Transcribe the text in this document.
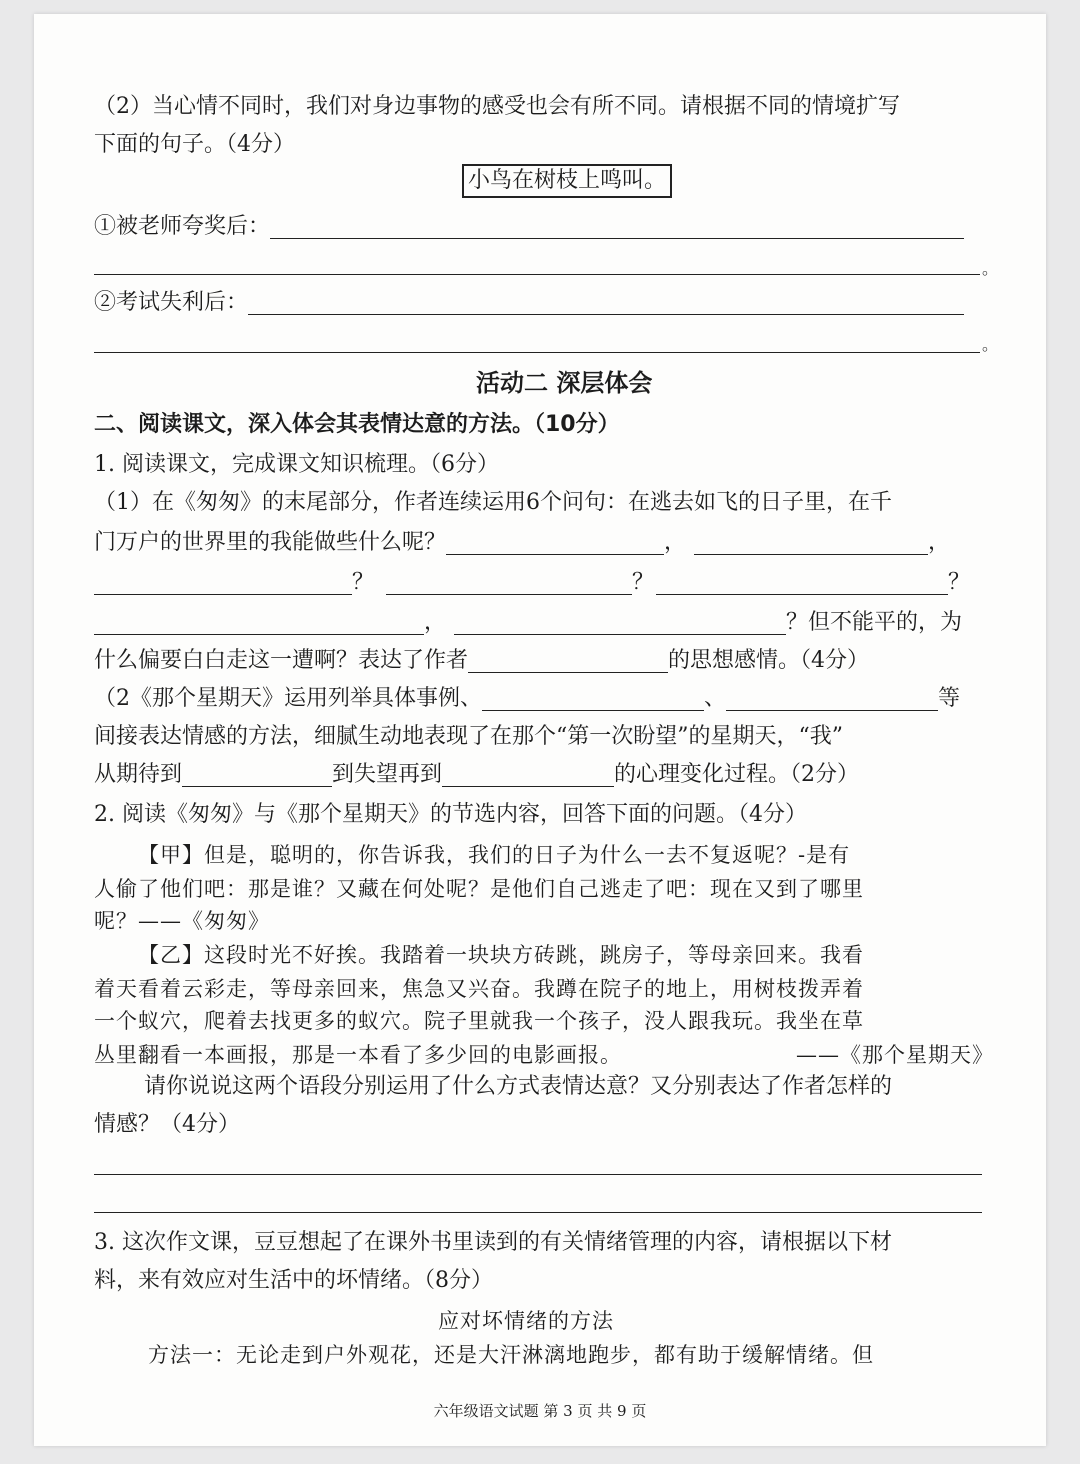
（2）当心情不同时，我们对身边事物的感受也会有所不同。请根据不同的情境扩写
下面的句子。（4分）
小鸟在树枝上鸣叫。
①被老师夸奖后：
。
②考试失利后：
。
活动二 深层体会
二、阅读课文，深入体会其表情达意的方法。（10分）
1. 阅读课文，完成课文知识梳理。（6分）
（1）在《匆匆》的末尾部分，作者连续运用6个问句：在逃去如飞的日子里，在千
门万户的世界里的我能做些什么呢？	，	，
？	？	？
，	？但不能平的，为
什么偏要白白走这一遭啊？表达了作者	的思想感情。（4分）
（2《那个星期天》运用列举具体事例、	、	等
间接表达情感的方法，细腻生动地表现了在那个“第一次盼望”的星期天，“我”
从期待到	到失望再到	的心理变化过程。（2分）
2. 阅读《匆匆》与《那个星期天》的节选内容，回答下面的问题。（4分）
【甲】但是，聪明的，你告诉我，我们的日子为什么一去不复返呢？-是有
人偷了他们吧：那是谁？又藏在何处呢？是他们自己逃走了吧：现在又到了哪里
呢？——《匆匆》
【乙】这段时光不好挨。我踏着一块块方砖跳，跳房子，等母亲回来。我看
着天看着云彩走，等母亲回来，焦急又兴奋。我蹲在院子的地上，用树枝拨弄着
一个蚁穴，爬着去找更多的蚁穴。院子里就我一个孩子，没人跟我玩。我坐在草
丛里翻看一本画报，那是一本看了多少回的电影画报。	——《那个星期天》
请你说说这两个语段分别运用了什么方式表情达意？又分别表达了作者怎样的
情感？（4分）
3. 这次作文课，豆豆想起了在课外书里读到的有关情绪管理的内容，请根据以下材
料，来有效应对生活中的坏情绪。（8分）
应对坏情绪的方法
方法一：无论走到户外观花，还是大汗淋漓地跑步，都有助于缓解情绪。但
六年级语文试题 第 3 页 共 9 页
